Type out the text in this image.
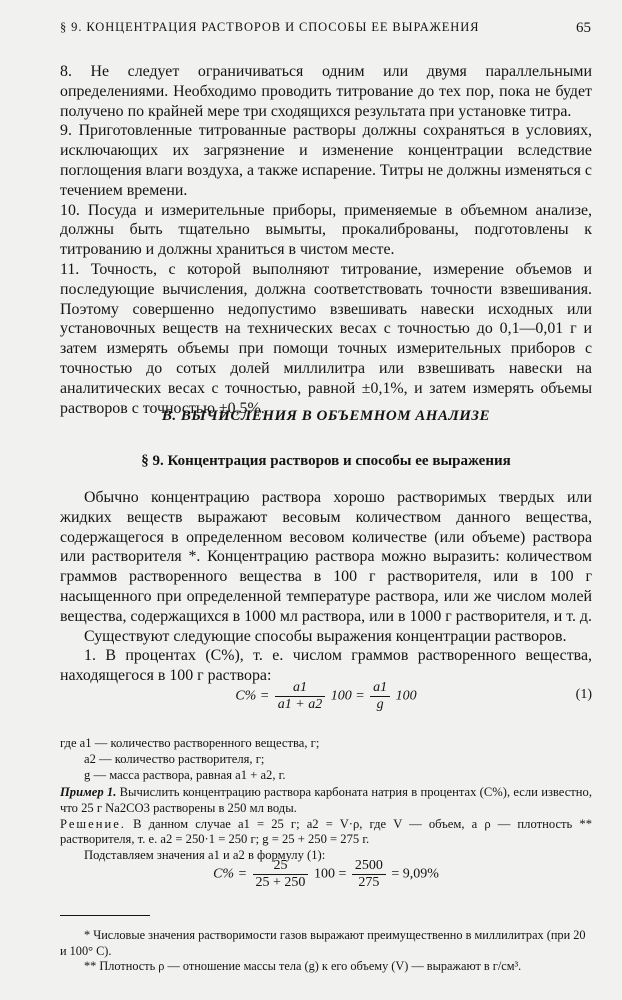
§ 9. КОНЦЕНТРАЦИЯ РАСТВОРОВ И СПОСОБЫ ЕЕ ВЫРАЖЕНИЯ	65

8. Не следует ограничиваться одним или двумя параллельными определениями. Необходимо проводить титрование до тех пор, пока не будет получено по крайней мере три сходящихся результата при установке титра.

9. Приготовленные титрованные растворы должны сохраняться в условиях, исключающих их загрязнение и изменение концентрации вследствие поглощения влаги воздуха, а также испарение. Титры не должны изменяться с течением времени.

10. Посуда и измерительные приборы, применяемые в объемном анализе, должны быть тщательно вымыты, прокалиброваны, подготовлены к титрованию и должны храниться в чистом месте.

11. Точность, с которой выполняют титрование, измерение объемов и последующие вычисления, должна соответствовать точности взвешивания. Поэтому совершенно недопустимо взвешивать навески исходных или установочных веществ на технических весах с точностью до 0,1—0,01 г и затем измерять объемы при помощи точных измерительных приборов с точностью до сотых долей миллилитра или взвешивать навески на аналитических весах с точностью, равной ±0,1%, и затем измерять объемы растворов с точностью ±0,5%.

В. ВЫЧИСЛЕНИЯ В ОБЪЕМНОМ АНАЛИЗЕ
§ 9. Концентрация растворов и способы ее выражения

Обычно концентрацию раствора хорошо растворимых твердых или жидких веществ выражают весовым количеством данного вещества, содержащегося в определенном весовом количестве (или объеме) раствора или растворителя *. Концентрацию раствора можно выразить: количеством граммов растворенного вещества в 100 г растворителя, или в 100 г насыщенного при определенной температуре раствора, или же числом молей вещества, содержащихся в 1000 мл раствора, или в 1000 г растворителя, и т. д.

Существуют следующие способы выражения концентрации растворов.

1. В процентах (C%), т. е. числом граммов растворенного вещества, находящегося в 100 г раствора:

$C\% = \frac{a1}{a1 + a2} 100 = \frac{a1}{g} 100$	(1)

где a1 — количество растворенного вещества, г;

a2 — количество растворителя, г;

g — масса раствора, равная a1 + a2, г.

Пример 1. Вычислить концентрацию раствора карбоната натрия в процентах (C%), если известно, что 25 г Na2CO3 растворены в 250 мл воды.

Решение. В данном случае a1 = 25 г; a2 = V·ρ, где V — объем, а ρ — плотность ** растворителя, т. е. a2 = 250·1 = 250 г; g = 25 + 250 = 275 г.

Подставляем значения a1 и a2 в формулу (1):

$C\% = \frac{25}{25 + 250} 100 = \frac{2500}{275} = 9,09\%$
* Числовые значения растворимости газов выражают преимущественно в миллилитрах (при 20 и 100° С).
** Плотность ρ — отношение массы тела (g) к его объему (V) — выражают в г/см³.
